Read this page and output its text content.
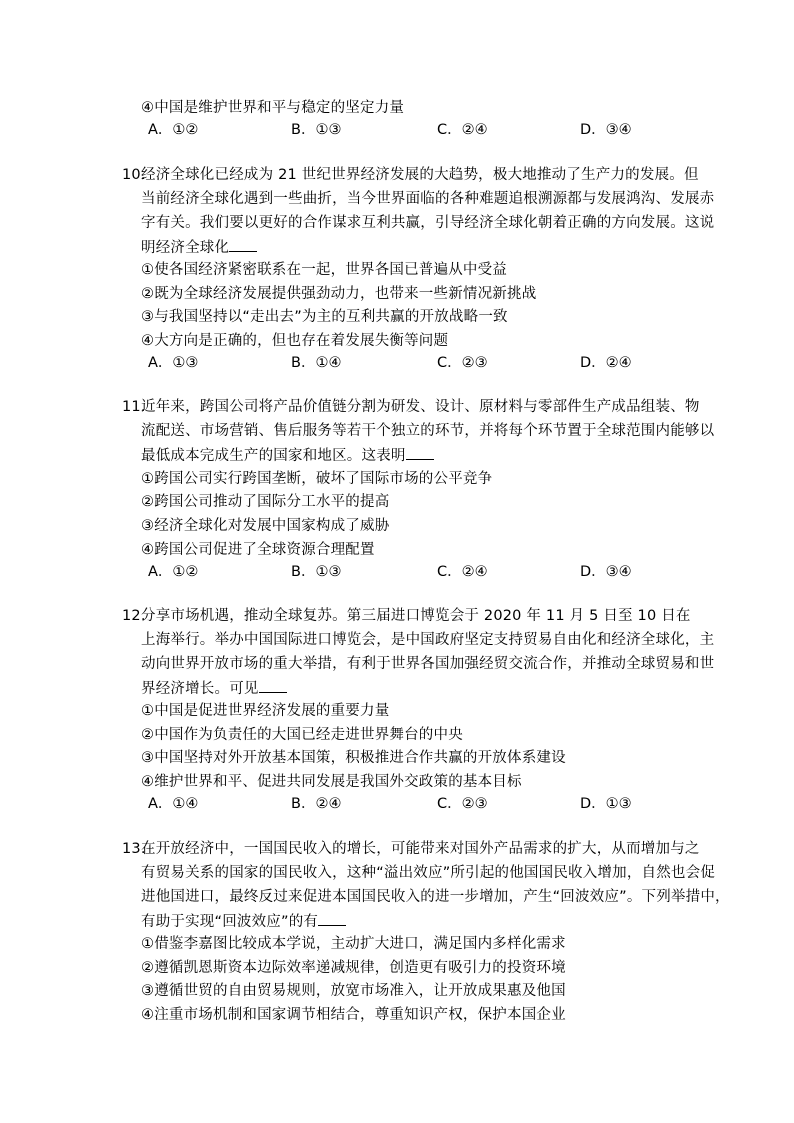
④中国是维护世界和平与稳定的坚定力量
A．①②	B．①③	C．②④	D．③④
10.经济全球化已经成为 21 世纪世界经济发展的大趋势，极大地推动了生产力的发展。但
当前经济全球化遇到一些曲折，当今世界面临的各种难题追根溯源都与发展鸿沟、发展赤
字有关。我们要以更好的合作谋求互利共赢，引导经济全球化朝着正确的方向发展。这说
明经济全球化
①使各国经济紧密联系在一起，世界各国已普遍从中受益
②既为全球经济发展提供强劲动力，也带来一些新情况新挑战
③与我国坚持以“走出去”为主的互利共赢的开放战略一致
④大方向是正确的，但也存在着发展失衡等问题
A．①③	B．①④	C．②③	D．②④
11.近年来，跨国公司将产品价值链分割为研发、设计、原材料与零部件生产成品组装、物
流配送、市场营销、售后服务等若干个独立的环节，并将每个环节置于全球范围内能够以
最低成本完成生产的国家和地区。这表明
①跨国公司实行跨国垄断，破坏了国际市场的公平竞争
②跨国公司推动了国际分工水平的提高
③经济全球化对发展中国家构成了威胁
④跨国公司促进了全球资源合理配置
A．①②	B．①③	C．②④	D．③④
12.分享市场机遇，推动全球复苏。第三届进口博览会于 2020 年 11 月 5 日至 10 日在
上海举行。举办中国国际进口博览会，是中国政府坚定支持贸易自由化和经济全球化，主
动向世界开放市场的重大举措，有利于世界各国加强经贸交流合作，并推动全球贸易和世
界经济增长。可见
①中国是促进世界经济发展的重要力量
②中国作为负责任的大国已经走进世界舞台的中央
③中国坚持对外开放基本国策，积极推进合作共赢的开放体系建设
④维护世界和平、促进共同发展是我国外交政策的基本目标
A．①④	B．②④	C．②③	D．①③
13.在开放经济中，一国国民收入的增长，可能带来对国外产品需求的扩大，从而增加与之
有贸易关系的国家的国民收入，这种“溢出效应”所引起的他国国民收入增加，自然也会促
进他国进口，最终反过来促进本国国民收入的进一步增加，产生“回波效应”。下列举措中，
有助于实现“回波效应”的有
①借鉴李嘉图比较成本学说，主动扩大进口，满足国内多样化需求
②遵循凯恩斯资本边际效率递减规律，创造更有吸引力的投资环境
③遵循世贸的自由贸易规则，放宽市场准入，让开放成果惠及他国
④注重市场机制和国家调节相结合，尊重知识产权，保护本国企业
